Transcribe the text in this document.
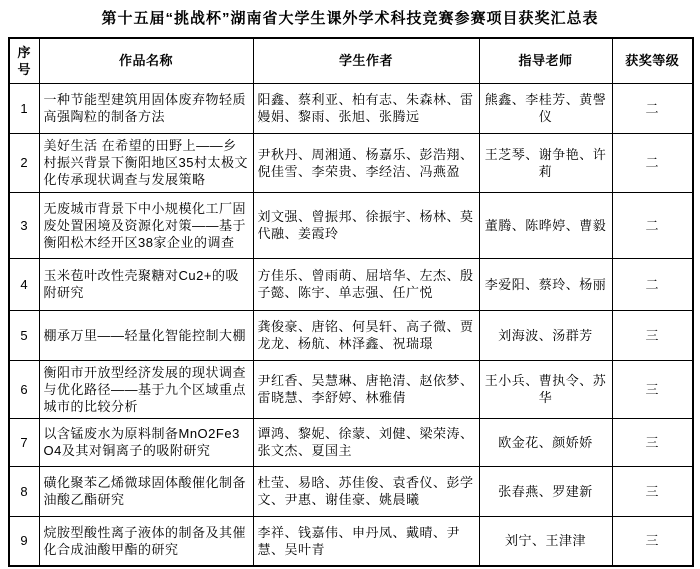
第十五届“挑战杯”湖南省大学生课外学术科技竞赛参赛项目获奖汇总表
序号	作品名称	学生作者	指导老师	获奖等级
1	一种节能型建筑用固体废弃物轻质高强陶粒的制备方法	阳鑫、蔡利亚、柏有志、朱森林、雷嫚娟、黎雨、张旭、张腾远	熊鑫、李桂芳、黄謦仪	二
2	美好生活 在希望的田野上——乡村振兴背景下衡阳地区35村太极文化传承现状调查与发展策略	尹秋丹、周湘通、杨嘉乐、彭浩翔、倪佳雪、李荣贵、李经洁、冯燕盈	王芝琴、谢争艳、许莉	二
3	无废城市背景下中小规模化工厂固废处置困境及资源化对策——基于衡阳松木经开区38家企业的调查	刘文强、曾振邦、徐振宇、杨林、莫代融、姜霞玲	董腾、陈晔婷、曹毅	二
4	玉米苞叶改性壳聚糖对Cu2+的吸附研究	方佳乐、曾雨萌、屈培华、左杰、殷子懿、陈宇、单志强、任广悦	李爱阳、蔡玲、杨丽	二
5	棚承万里——轻量化智能控制大棚	龚俊豪、唐铭、何昊轩、高子微、贾龙龙、杨航、林泽鑫、祝瑞璟	刘海波、汤群芳	三
6	衡阳市开放型经济发展的现状调查与优化路径——基于九个区域重点城市的比较分析	尹红香、吴慧琳、唐艳清、赵依梦、雷晓慧、李舒婷、林雅倩	王小兵、曹执令、苏华	三
7	以含锰废水为原料制备MnO2Fe3O4及其对铜离子的吸附研究	谭鸿、黎妮、徐蒙、刘健、梁荣涛、张文杰、夏国主	欧金花、颜娇娇	三
8	磺化聚苯乙烯微球固体酸催化制备油酸乙酯研究	杜莹、易晗、苏佳俊、袁香仪、彭学文、尹惠、谢佳豪、姚晨曦	张春燕、罗建新	三
9	烷胺型酸性离子液体的制备及其催化合成油酸甲酯的研究	李祥、钱嘉伟、申丹凤、戴晴、尹慧、吴叶青	刘宁、王津津	三
